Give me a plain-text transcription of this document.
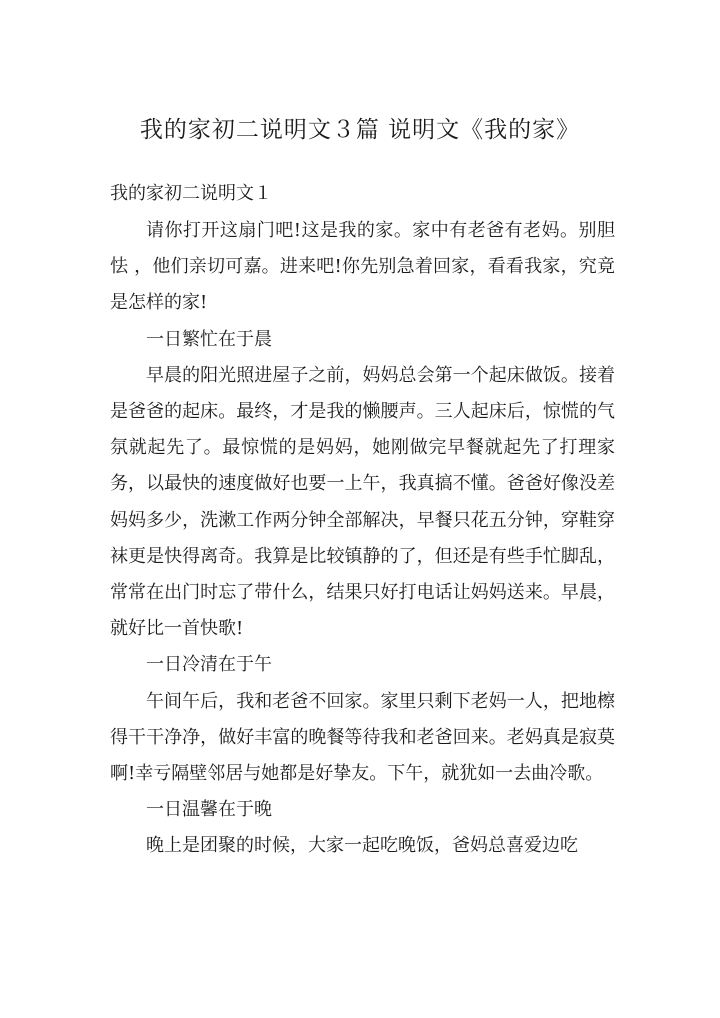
我的家初二说明文３篇 说明文《我的家》
我的家初二说明文１

请你打开这扇门吧!这是我的家。家中有老爸有老妈。别胆怯 ，他们亲切可嘉。进来吧!你先别急着回家，看看我家，究竟是怎样的家!

一日繁忙在于晨

早晨的阳光照进屋子之前，妈妈总会第一个起床做饭。接着是爸爸的起床。最终，才是我的懒腰声。三人起床后，惊慌的气氛就起先了。最惊慌的是妈妈，她刚做完早餐就起先了打理家务，以最快的速度做好也要一上午，我真搞不懂。爸爸好像没差妈妈多少，洗漱工作两分钟全部解决，早餐只花五分钟，穿鞋穿袜更是快得离奇。我算是比较镇静的了，但还是有些手忙脚乱，常常在出门时忘了带什么，结果只好打电话让妈妈送来。早晨，就好比一首快歌!

一日冷清在于午

午间午后，我和老爸不回家。家里只剩下老妈一人，把地檫得干干净净，做好丰富的晚餐等待我和老爸回来。老妈真是寂莫啊!幸亏隔壁邻居与她都是好挚友。下午，就犹如一去曲冷歌。

一日温馨在于晚

晚上是团聚的时候，大家一起吃晚饭，爸妈总喜爱边吃
